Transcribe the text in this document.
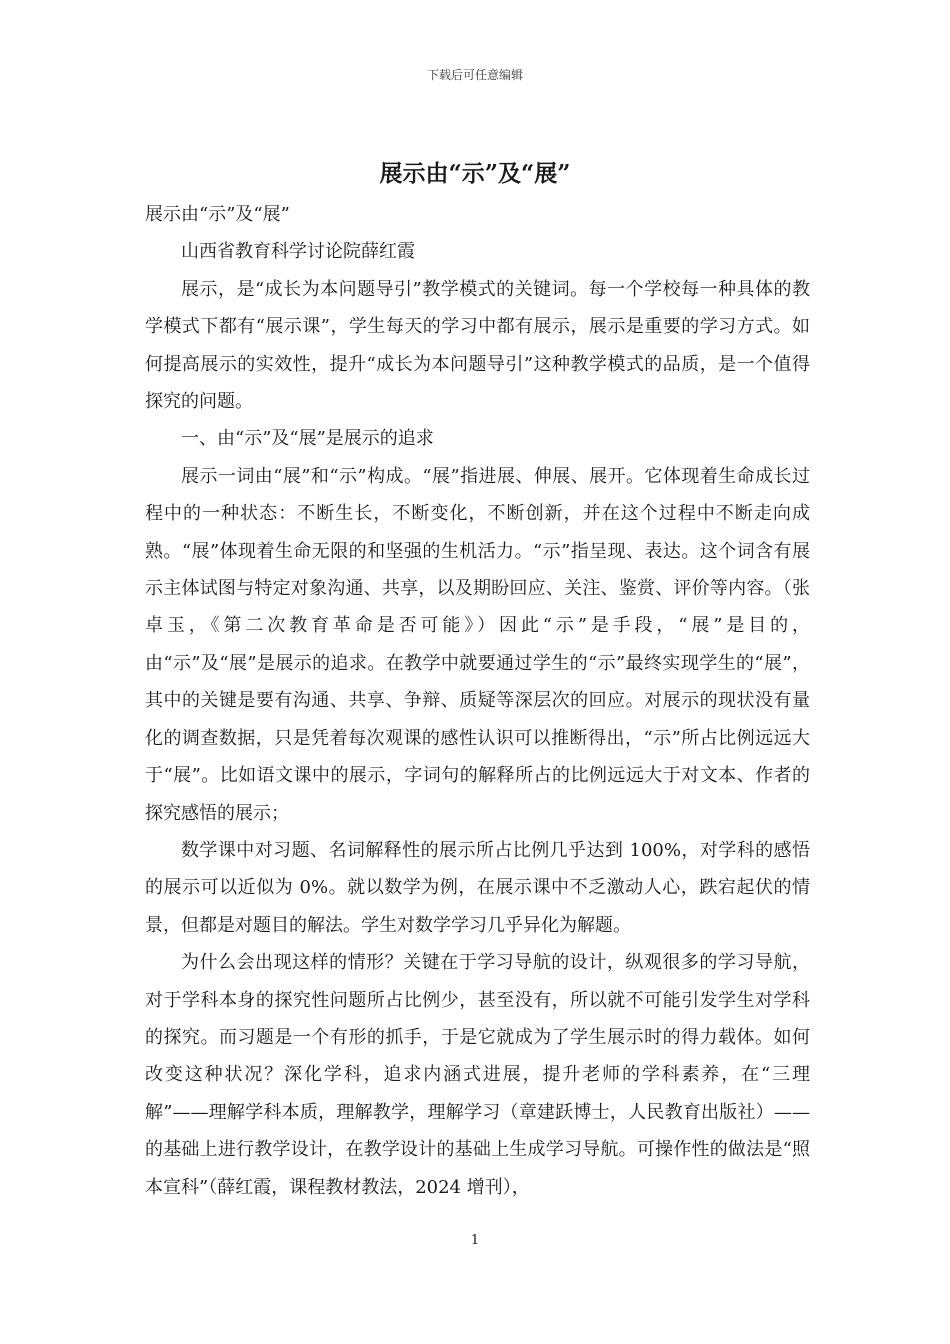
下载后可任意编辑
展示由“示”及“展”

展示由“示”及“展”

山西省教育科学讨论院薛红霞

展示，是“成长为本问题导引”教学模式的关键词。每一个学校每一种具体的教学模式下都有“展示课”，学生每天的学习中都有展示，展示是重要的学习方式。如何提高展示的实效性，提升“成长为本问题导引”这种教学模式的品质，是一个值得探究的问题。

一、由“示”及“展”是展示的追求

展示一词由“展”和“示”构成。“展”指进展、伸展、展开。它体现着生命成长过程中的一种状态：不断生长，不断变化，不断创新，并在这个过程中不断走向成熟。“展”体现着生命无限的和坚强的生机活力。“示”指呈现、表达。这个词含有展示主体试图与特定对象沟通、共享，以及期盼回应、关注、鉴赏、评价等内容。（张卓玉，《第二次教育革命是否可能》）因此“示”是手段，“展”是目的，由“示”及“展”是展示的追求。在教学中就要通过学生的“示”最终实现学生的“展”，其中的关键是要有沟通、共享、争辩、质疑等深层次的回应。对展示的现状没有量化的调查数据，只是凭着每次观课的感性认识可以推断得出，“示”所占比例远远大于“展”。比如语文课中的展示，字词句的解释所占的比例远远大于对文本、作者的探究感悟的展示；

数学课中对习题、名词解释性的展示所占比例几乎达到 100%，对学科的感悟的展示可以近似为 0%。就以数学为例，在展示课中不乏激动人心，跌宕起伏的情景，但都是对题目的解法。学生对数学学习几乎异化为解题。

为什么会出现这样的情形？关键在于学习导航的设计，纵观很多的学习导航，对于学科本身的探究性问题所占比例少，甚至没有，所以就不可能引发学生对学科的探究。而习题是一个有形的抓手，于是它就成为了学生展示时的得力载体。如何改变这种状况？深化学科，追求内涵式进展，提升老师的学科素养，在“三理解”——理解学科本质，理解教学，理解学习（章建跃博士，人民教育出版社）——的基础上进行教学设计，在教学设计的基础上生成学习导航。可操作性的做法是“照本宣科”（薛红霞，课程教材教法，2024 增刊），

1
